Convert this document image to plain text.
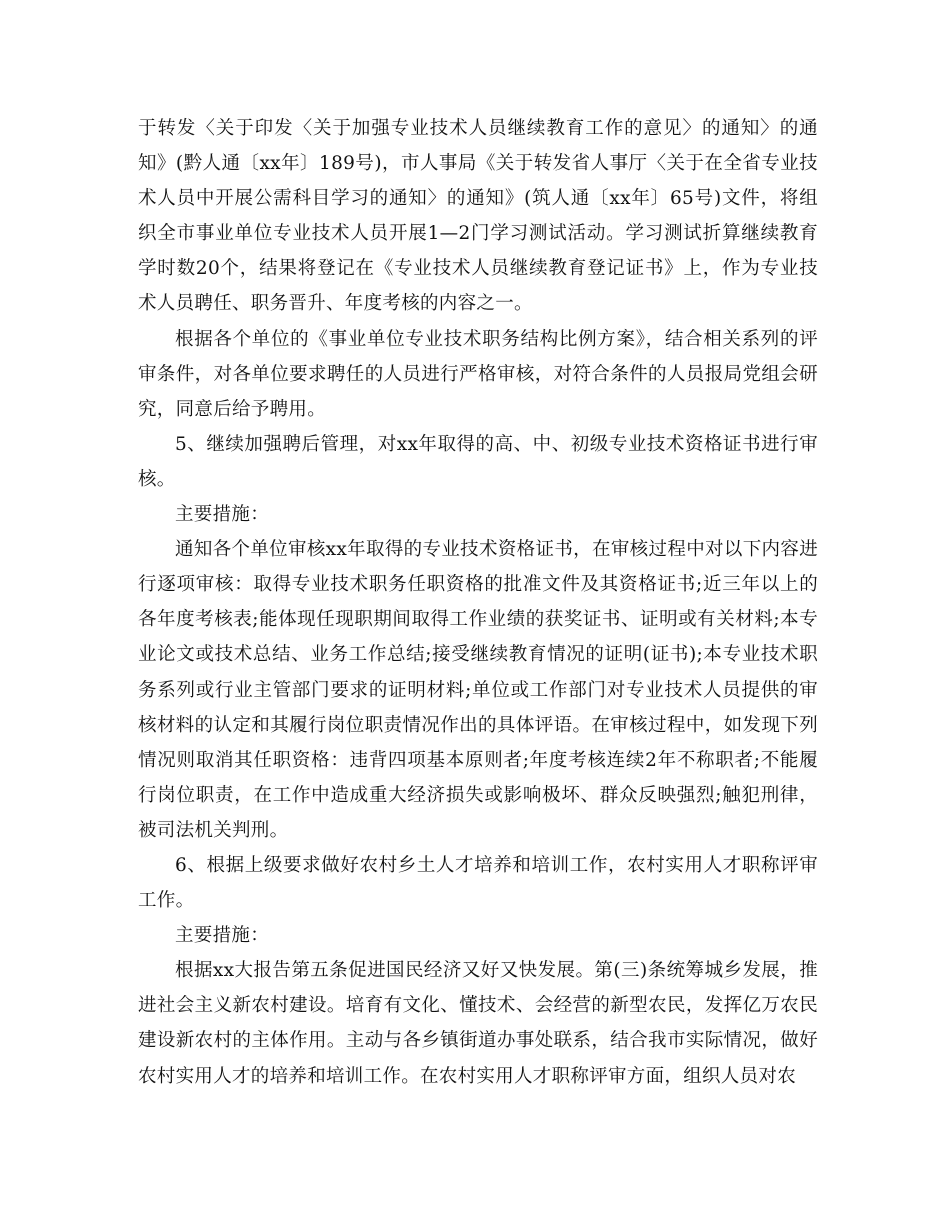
于转发〈关于印发〈关于加强专业技术人员继续教育工作的意见〉的通知〉的通知》(黔人通〔xx年〕189号)，市人事局《关于转发省人事厅〈关于在全省专业技术人员中开展公需科目学习的通知〉的通知》(筑人通〔xx年〕65号)文件，将组织全市事业单位专业技术人员开展1—2门学习测试活动。学习测试折算继续教育学时数20个，结果将登记在《专业技术人员继续教育登记证书》上，作为专业技术人员聘任、职务晋升、年度考核的内容之一。

根据各个单位的《事业单位专业技术职务结构比例方案》，结合相关系列的评审条件，对各单位要求聘任的人员进行严格审核，对符合条件的人员报局党组会研究，同意后给予聘用。

5、继续加强聘后管理，对xx年取得的高、中、初级专业技术资格证书进行审核。

主要措施：

通知各个单位审核xx年取得的专业技术资格证书，在审核过程中对以下内容进行逐项审核：取得专业技术职务任职资格的批准文件及其资格证书;近三年以上的各年度考核表;能体现任现职期间取得工作业绩的获奖证书、证明或有关材料;本专业论文或技术总结、业务工作总结;接受继续教育情况的证明(证书);本专业技术职务系列或行业主管部门要求的证明材料;单位或工作部门对专业技术人员提供的审核材料的认定和其履行岗位职责情况作出的具体评语。在审核过程中，如发现下列情况则取消其任职资格：违背四项基本原则者;年度考核连续2年不称职者;不能履行岗位职责，在工作中造成重大经济损失或影响极坏、群众反映强烈;触犯刑律，被司法机关判刑。

6、根据上级要求做好农村乡土人才培养和培训工作，农村实用人才职称评审工作。

主要措施：

根据xx大报告第五条促进国民经济又好又快发展。第(三)条统筹城乡发展，推进社会主义新农村建设。培育有文化、懂技术、会经营的新型农民，发挥亿万农民建设新农村的主体作用。主动与各乡镇街道办事处联系，结合我市实际情况，做好农村实用人才的培养和培训工作。在农村实用人才职称评审方面，组织人员对农
